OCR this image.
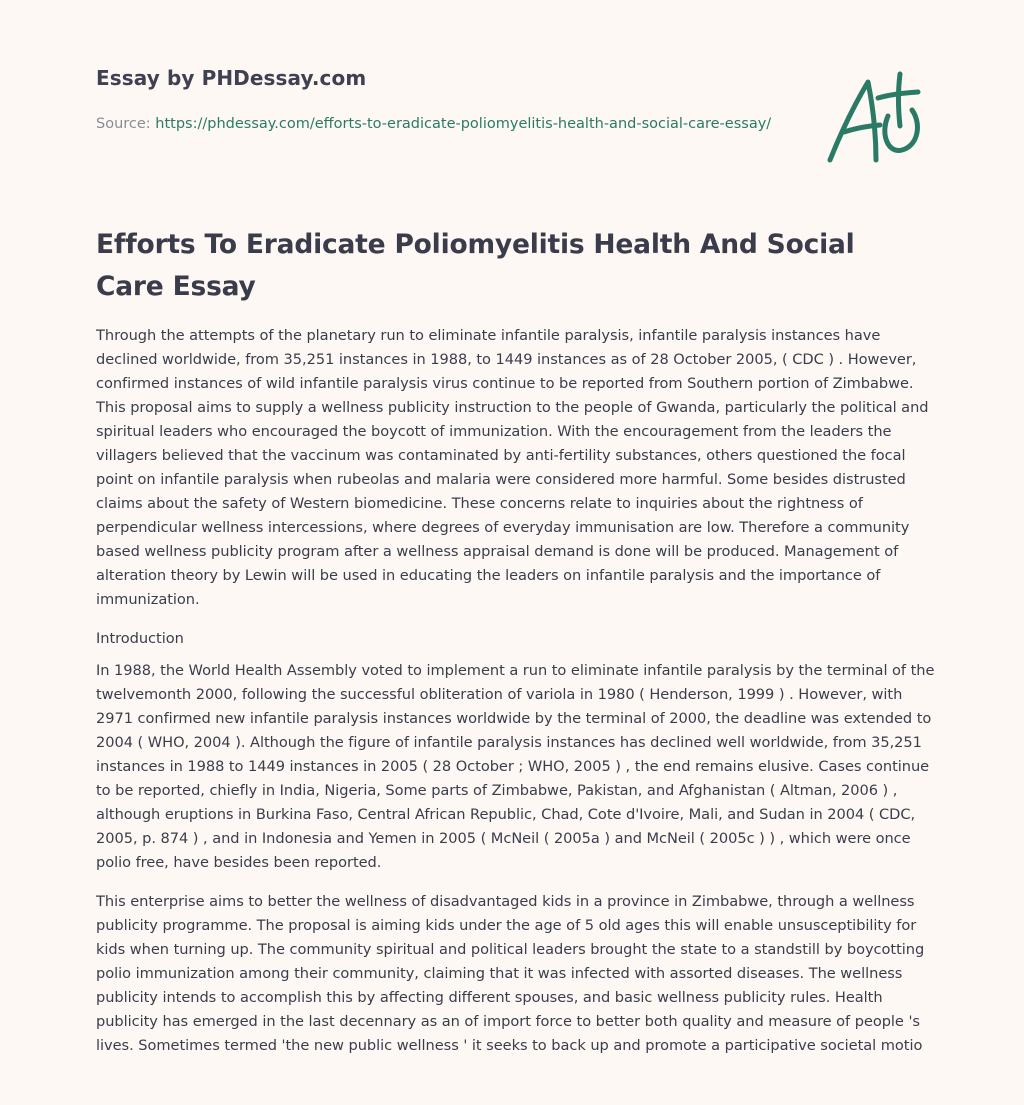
Essay by PHDessay.com
Source: https://phdessay.com/efforts-to-eradicate-poliomyelitis-health-and-social-care-essay/
Efforts To Eradicate Poliomyelitis Health And Social Care Essay

Through the attempts of the planetary run to eliminate infantile paralysis, infantile paralysis instances have declined worldwide, from 35,251 instances in 1988, to 1449 instances as of 28 October 2005, ( CDC ) . However, confirmed instances of wild infantile paralysis virus continue to be reported from Southern portion of Zimbabwe. This proposal aims to supply a wellness publicity instruction to the people of Gwanda, particularly the political and spiritual leaders who encouraged the boycott of immunization. With the encouragement from the leaders the villagers believed that the vaccinum was contaminated by anti-fertility substances, others questioned the focal point on infantile paralysis when rubeolas and malaria were considered more harmful. Some besides distrusted claims about the safety of Western biomedicine. These concerns relate to inquiries about the rightness of perpendicular wellness intercessions, where degrees of everyday immunisation are low. Therefore a community based wellness publicity program after a wellness appraisal demand is done will be produced. Management of alteration theory by Lewin will be used in educating the leaders on infantile paralysis and the importance of immunization.

Introduction

In 1988, the World Health Assembly voted to implement a run to eliminate infantile paralysis by the terminal of the twelvemonth 2000, following the successful obliteration of variola in 1980 ( Henderson, 1999 ) . However, with 2971 confirmed new infantile paralysis instances worldwide by the terminal of 2000, the deadline was extended to 2004 ( WHO, 2004 ). Although the figure of infantile paralysis instances has declined well worldwide, from 35,251 instances in 1988 to 1449 instances in 2005 ( 28 October ; WHO, 2005 ) , the end remains elusive. Cases continue to be reported, chiefly in India, Nigeria, Some parts of Zimbabwe, Pakistan, and Afghanistan ( Altman, 2006 ) , although eruptions in Burkina Faso, Central African Republic, Chad, Cote d'Ivoire, Mali, and Sudan in 2004 ( CDC, 2005, p. 874 ) , and in Indonesia and Yemen in 2005 ( McNeil ( 2005a ) and McNeil ( 2005c ) ) , which were once polio free, have besides been reported.

This enterprise aims to better the wellness of disadvantaged kids in a province in Zimbabwe, through a wellness publicity programme. The proposal is aiming kids under the age of 5 old ages this will enable unsusceptibility for kids when turning up. The community spiritual and political leaders brought the state to a standstill by boycotting polio immunization among their community, claiming that it was infected with assorted diseases. The wellness publicity intends to accomplish this by affecting different spouses, and basic wellness publicity rules. Health publicity has emerged in the last decennary as an of import force to better both quality and measure of people 's lives. Sometimes termed 'the new public wellness ' it seeks to back up and promote a participative societal motio
